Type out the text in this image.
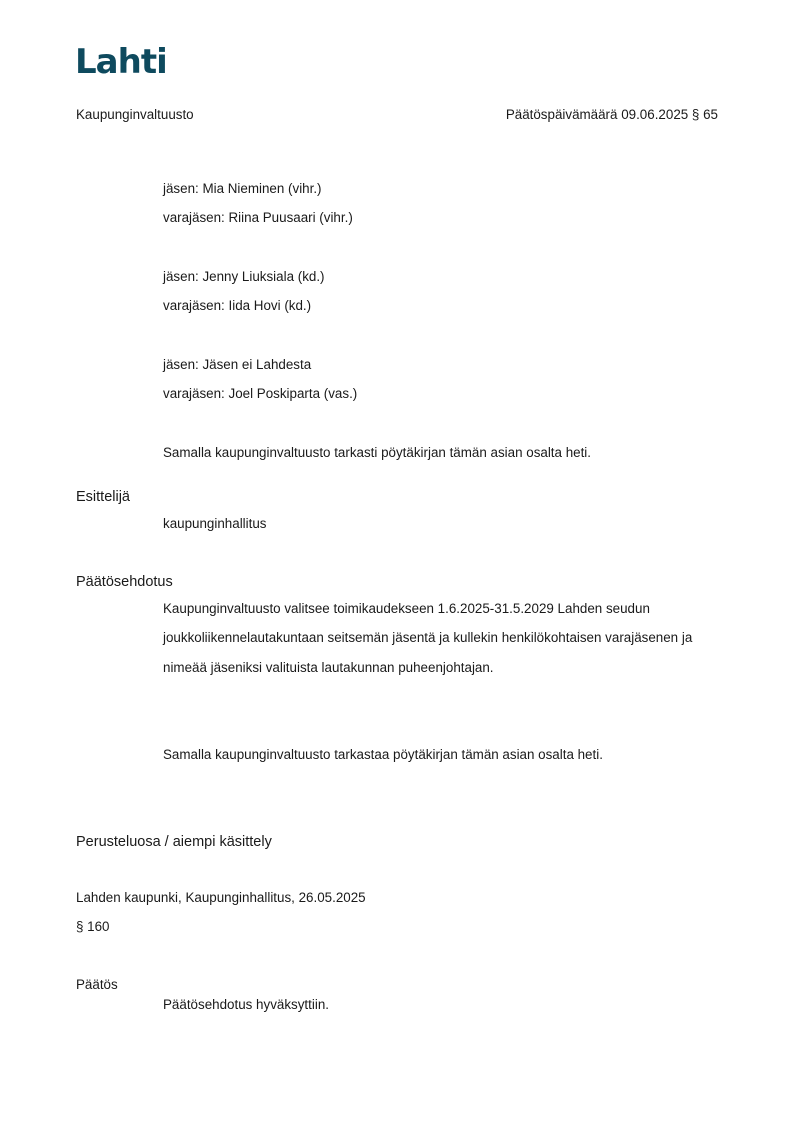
Lahti
Kaupunginvaltuusto	Päätöspäivämäärä 09.06.2025 § 65
jäsen: Mia Nieminen (vihr.)
varajäsen: Riina Puusaari (vihr.)
jäsen: Jenny Liuksiala (kd.)
varajäsen: Iida Hovi (kd.)
jäsen: Jäsen ei Lahdesta
varajäsen: Joel Poskiparta (vas.)
Samalla kaupunginvaltuusto tarkasti pöytäkirjan tämän asian osalta heti.
Esittelijä
kaupunginhallitus
Päätösehdotus
Kaupunginvaltuusto valitsee toimikaudekseen 1.6.2025-31.5.2029 Lahden seudun joukkoliikennelautakuntaan seitsemän jäsentä ja kullekin henkilökohtaisen varajäsenen ja nimeää jäseniksi valituista lautakunnan puheenjohtajan.
Samalla kaupunginvaltuusto tarkastaa pöytäkirjan tämän asian osalta heti.
Perusteluosa / aiempi käsittely
Lahden kaupunki, Kaupunginhallitus, 26.05.2025
§ 160
Päätös
Päätösehdotus hyväksyttiin.
